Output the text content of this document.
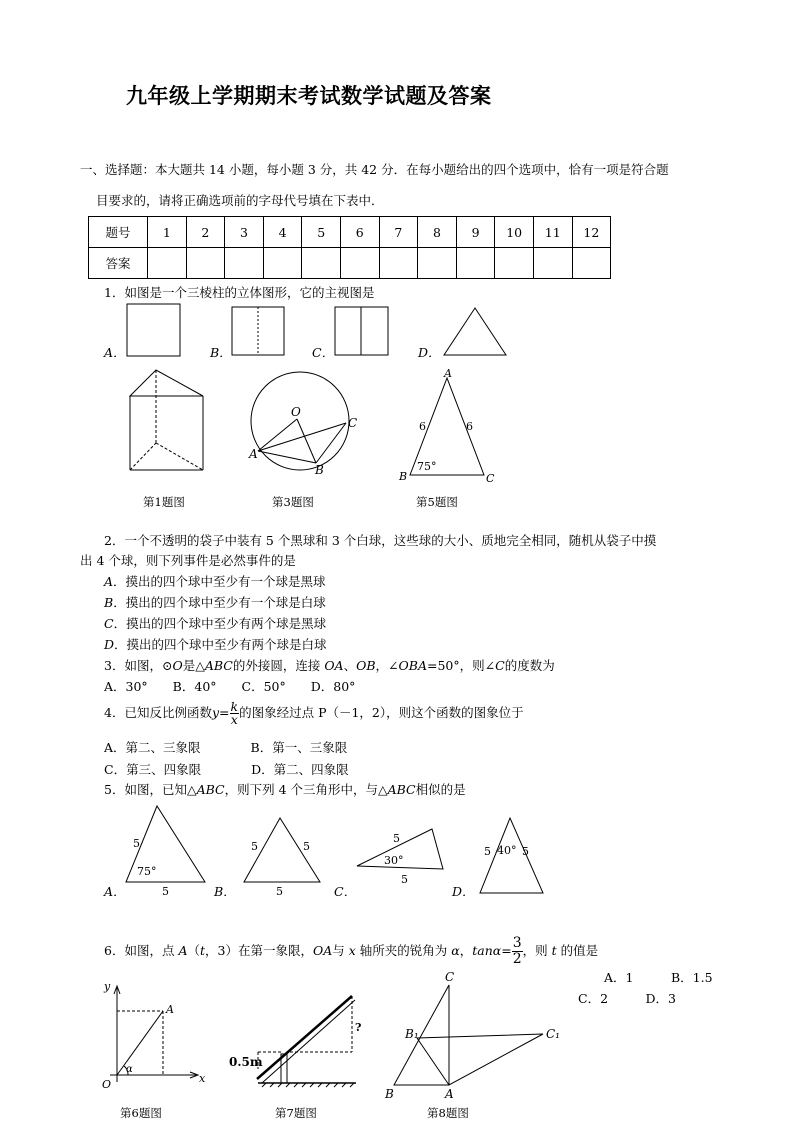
九年级上学期期末考试数学试题及答案
一、选择题：本大题共 14 小题，每小题 3 分，共 42 分．在每小题给出的四个选项中，恰有一项是符合题
目要求的，请将正确选项前的字母代号填在下表中．
题号	1	2	3	4	5	6	7	8	9	10	11	12
答案												
1．如图是一个三棱柱的立体图形，它的主视图是
A．	B．	C．	D．
O
A
B
C
A
B	C
6	6
75°
5
5
75°
5	5
5
5
5
30°
5	5
40°
y
x
O
A
α
?
0.5m
C
B₁	C₁
B	A
第1题图	第3题图	第5题图
2．一个不透明的袋子中装有 5 个黑球和 3 个白球，这些球的大小、质地完全相同，随机从袋子中摸
出 4 个球，则下列事件是必然事件的是
A．摸出的四个球中至少有一个球是黑球
B．摸出的四个球中至少有一个球是白球
C．摸出的四个球中至少有两个球是黑球
D．摸出的四个球中至少有两个球是白球
3．如图，⊙O是△ABC的外接圆，连接 OA、OB，∠OBA=50°，则∠C的度数为
A．30°　　B．40°　　C．50°　　D．80°
4．已知反比例函数$y= \frac{k}{x}$ 的图象经过点 P（－1，2），则这个函数的图象位于
A．第二、三象限　　　　B．第一、三象限
C．第三、四象限　　　　D．第二、四象限
5．如图，已知△ABC，则下列 4 个三角形中，与△ABC相似的是
A．	B．	C．	D．
6．如图，点 A（t，3）在第一象限，OA与 x 轴所夹的锐角为 α，$\tan\alpha= \frac{3}{2}$ ，则 t 的值是
A．1　　　B．1.5
C．2　　　D．3
第6题图	第7题图	第8题图
